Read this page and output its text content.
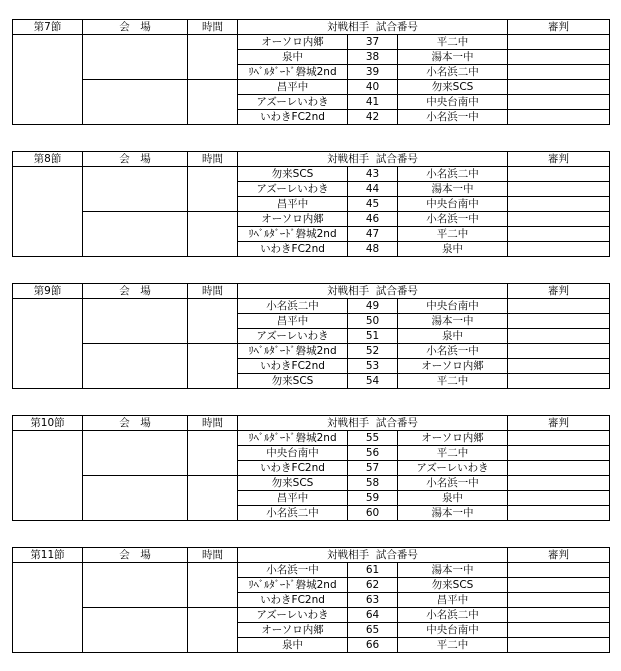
第7節	会　場	時間	対戦相手 試合番号			審判
			オーソロ内郷	37	平二中	
			泉中	38	湯本一中	
			ﾘﾍﾞﾙﾀﾞｰﾄﾞ磐城2nd	39	小名浜二中	
			昌平中	40	勿来SCS	
			アズーレいわき	41	中央台南中	
			いわきFC2nd	42	小名浜一中	
第8節	会　場	時間	対戦相手 試合番号			審判
			勿来SCS	43	小名浜二中	
			アズーレいわき	44	湯本一中	
			昌平中	45	中央台南中	
			オーソロ内郷	46	小名浜一中	
			ﾘﾍﾞﾙﾀﾞｰﾄﾞ磐城2nd	47	平二中	
			いわきFC2nd	48	泉中	
第9節	会　場	時間	対戦相手 試合番号			審判
			小名浜二中	49	中央台南中	
			昌平中	50	湯本一中	
			アズーレいわき	51	泉中	
			ﾘﾍﾞﾙﾀﾞｰﾄﾞ磐城2nd	52	小名浜一中	
			いわきFC2nd	53	オーソロ内郷	
			勿来SCS	54	平二中	
第10節	会　場	時間	対戦相手 試合番号			審判
			ﾘﾍﾞﾙﾀﾞｰﾄﾞ磐城2nd	55	オーソロ内郷	
			中央台南中	56	平二中	
			いわきFC2nd	57	アズーレいわき	
			勿来SCS	58	小名浜一中	
			昌平中	59	泉中	
			小名浜二中	60	湯本一中	
第11節	会　場	時間	対戦相手 試合番号			審判
			小名浜一中	61	湯本一中	
			ﾘﾍﾞﾙﾀﾞｰﾄﾞ磐城2nd	62	勿来SCS	
			いわきFC2nd	63	昌平中	
			アズーレいわき	64	小名浜二中	
			オーソロ内郷	65	中央台南中	
			泉中	66	平二中	
